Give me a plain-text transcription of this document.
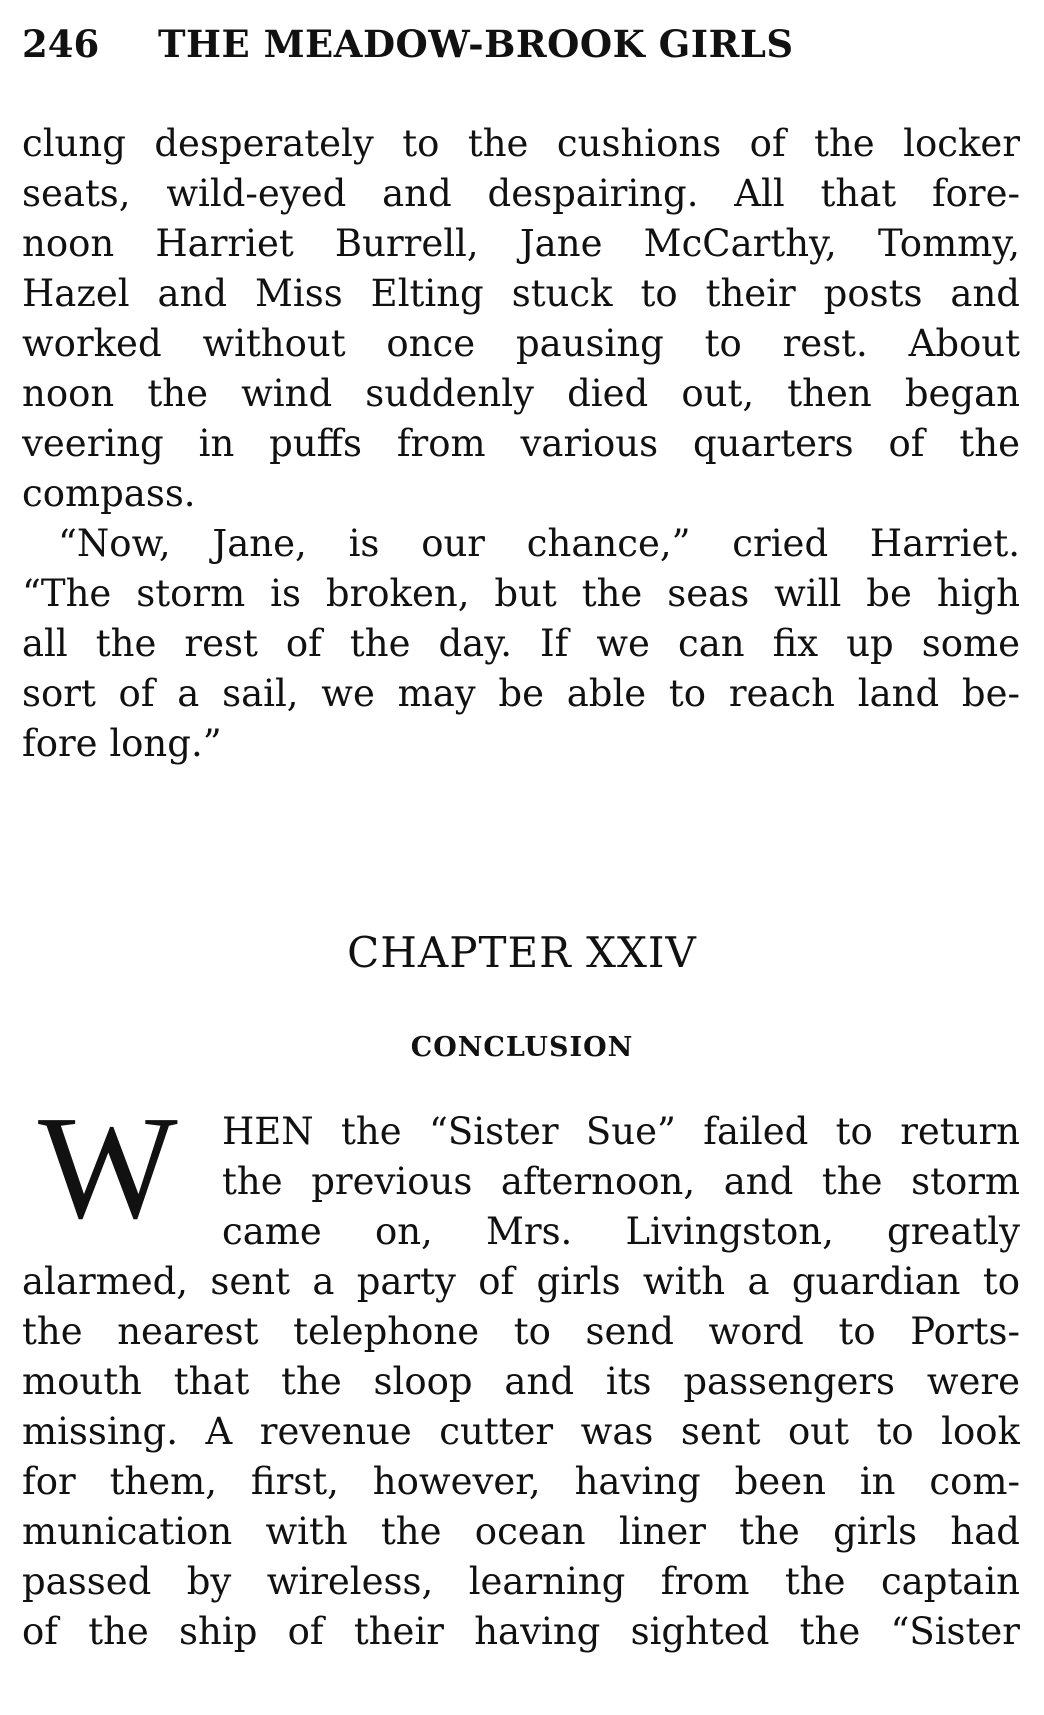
246 THE MEADOW-BROOK GIRLS
clung desperately to the cushions of the locker
seats, wild-eyed and despairing. All that fore-
noon Harriet Burrell, Jane McCarthy, Tommy,
Hazel and Miss Elting stuck to their posts and
worked without once pausing to rest. About
noon the wind suddenly died out, then began
veering in puffs from various quarters of the
compass.
“Now, Jane, is our chance,” cried Harriet.
“The storm is broken, but the seas will be high
all the rest of the day. If we can fix up some
sort of a sail, we may be able to reach land be-
fore long.”
CHAPTER XXIV
CONCLUSION
W HEN the “Sister Sue” failed to return
the previous afternoon, and the storm
came on, Mrs. Livingston, greatly
alarmed, sent a party of girls with a guardian to
the nearest telephone to send word to Ports-
mouth that the sloop and its passengers were
missing. A revenue cutter was sent out to look
for them, first, however, having been in com-
munication with the ocean liner the girls had
passed by wireless, learning from the captain
of the ship of their having sighted the “Sister
